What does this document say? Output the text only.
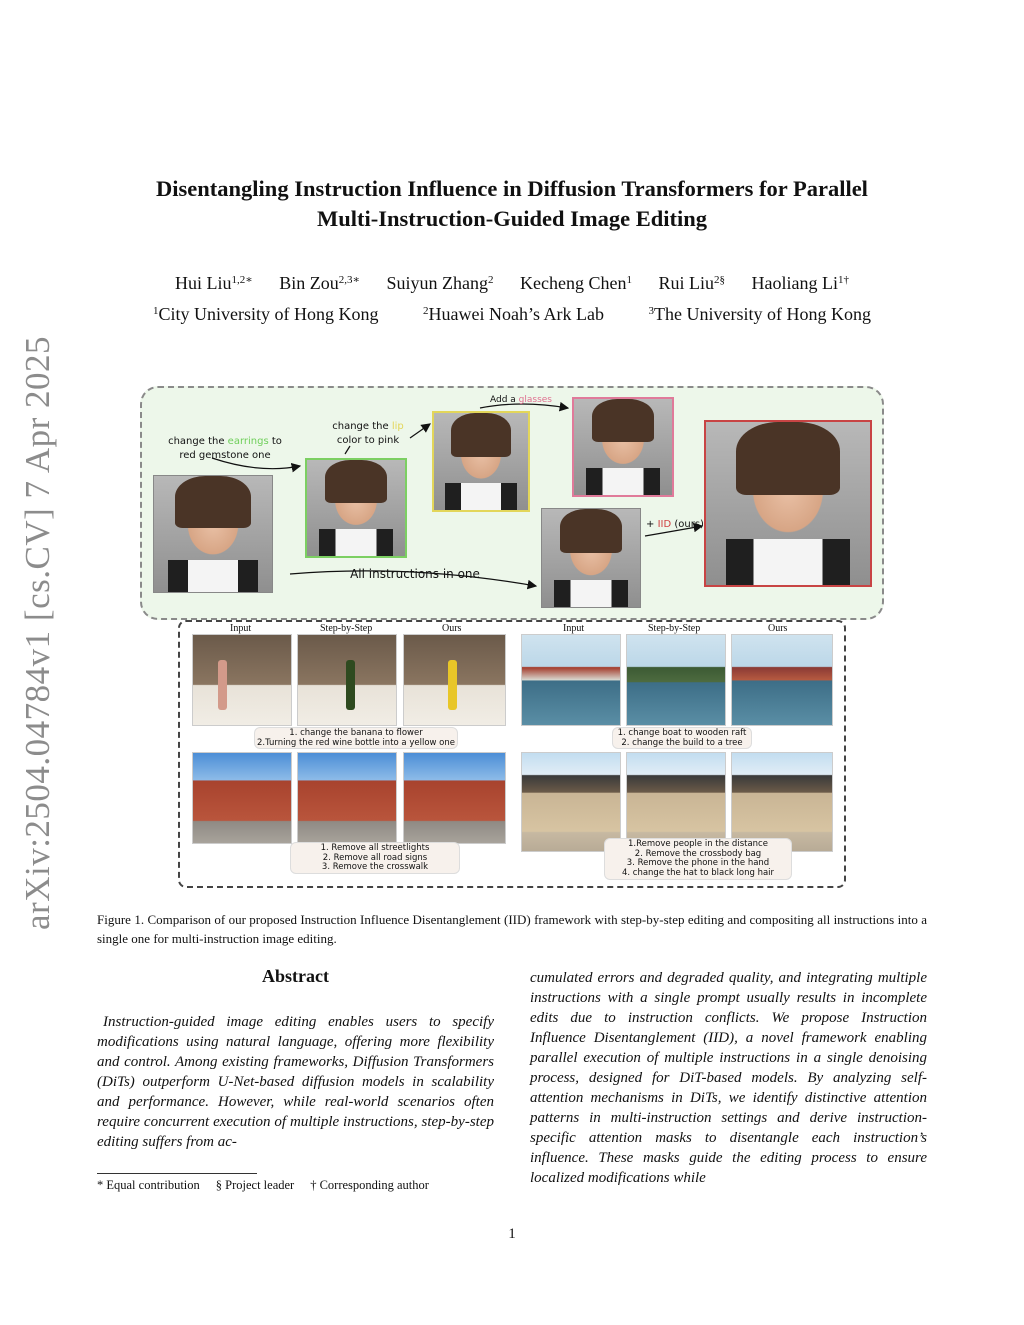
arXiv:2504.04784v1 [cs.CV] 7 Apr 2025
Disentangling Instruction Influence in Diffusion Transformers for Parallel
Multi-Instruction-Guided Image Editing
Hui Liu$^{1,2∗}$ Bin Zou$^{2,3∗}$ Suiyun Zhang$^2$ Kecheng Chen$^1$ Rui Liu$^{2\S}$ Haoliang $Li^{1\dagger}$
$^1$City University of Hong Kong	$^2$Huawei Noah’s Ark Lab	$^3$The University of Hong Kong
change the earrings to
red gemstone one
change the lip
color to pink
Add a glasses
+ IID (ours)
All instructions in one
Input	Step-by-Step	Ours	Input	Step-by-Step	Ours
1. change the banana to flower
2.Turning the red wine bottle into a yellow one
1. change boat to wooden raft
2. change the build to a tree
1. Remove all streetlights
2. Remove all road signs
3. Remove the crosswalk
1.Remove people in the distance
2. Remove the crossbody bag
3. Remove the phone in the hand
4. change the hat to black long hair
Figure 1. Comparison of our proposed Instruction Influence Disentanglement (IID) framework with step-by-step editing and compositing all instructions into a single one for multi-instruction image editing.
Abstract
Instruction-guided image editing enables users to specify modifications using natural language, offering more flexibility and control. Among existing frameworks, Diffusion Transformers (DiTs) outperform U-Net-based diffusion models in scalability and performance. However, while real-world scenarios often require concurrent execution of multiple instructions, step-by-step editing suffers from ac-
cumulated errors and degraded quality, and integrating multiple instructions with a single prompt usually results in incomplete edits due to instruction conflicts. We propose Instruction Influence Disentanglement (IID), a novel framework enabling parallel execution of multiple instructions in a single denoising process, designed for DiT-based models. By analyzing self-attention mechanisms in DiTs, we identify distinctive attention patterns in multi-instruction settings and derive instruction-specific attention masks to disentangle each instruction’s influence. These masks guide the editing process to ensure localized modifications while
* Equal contribution § Project leader † Corresponding author
1
